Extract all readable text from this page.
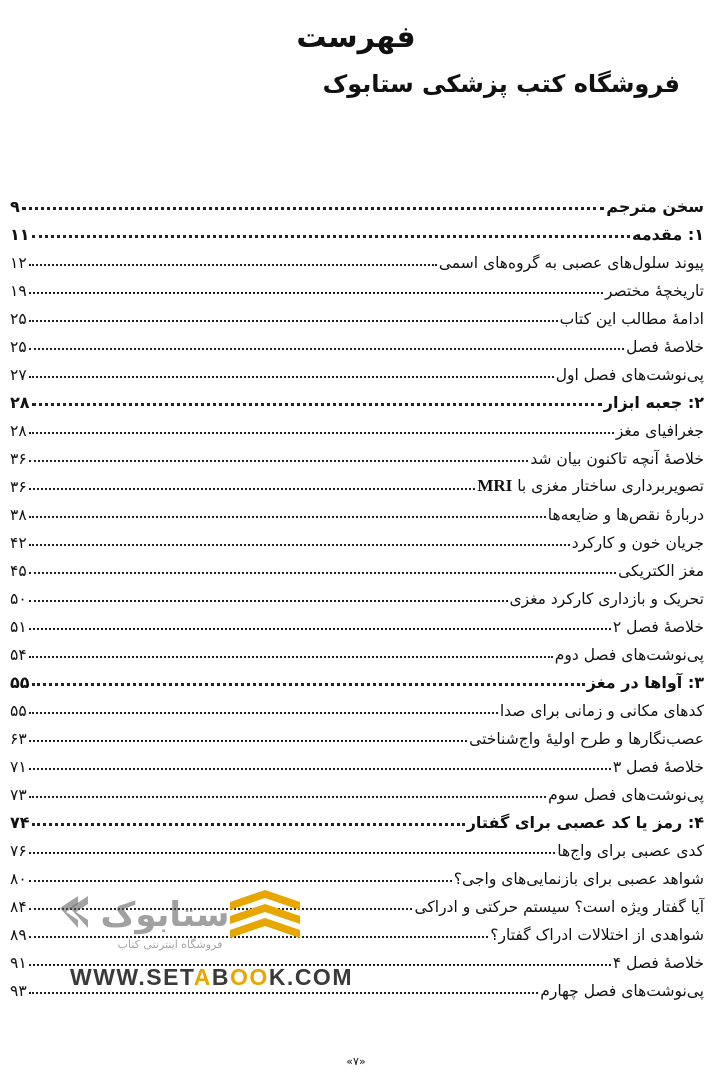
فهرست
فروشگاه کتب پزشکی ستابوک
سخن مترجم
۹
۱: مقدمه
۱۱
پیوند سلول‌های عصبی به گروه‌های اسمی
۱۲
تاریخچهٔ مختصر
۱۹
ادامهٔ مطالب این کتاب
۲۵
خلاصهٔ فصل
۲۵
پی‌نوشت‌های فصل اول
۲۷
۲: جعبه ابزار
۲۸
جغرافیای مغز
۲۸
خلاصهٔ آنچه تاکنون بیان شد
۳۶
تصویربرداری ساختار مغزی با MRI
۳۶
دربارهٔ نقص‌ها و ضایعه‌ها
۳۸
جریان خون و کارکرد
۴۲
مغز الکتریکی
۴۵
تحریک و بازداری کارکرد مغزی
۵۰
خلاصهٔ فصل ۲
۵۱
پی‌نوشت‌های فصل دوم
۵۴
۳: آواها در مغز
۵۵
کدهای مکانی و زمانی برای صدا
۵۵
عصب‌نگارها و طرح اولیهٔ واج‌شناختی
۶۳
خلاصهٔ فصل ۳
۷۱
پی‌نوشت‌های فصل سوم
۷۳
۴: رمز یا کد عصبی برای گفتار
۷۴
کدی عصبی برای واج‌ها
۷۶
شواهد عصبی برای بازنمایی‌های واجی؟
۸۰
آیا گفتار ویژه است؟ سیستم حرکتی و ادراکی
۸۴
شواهدی از اختلالات ادراک گفتار؟
۸۹
خلاصهٔ فصل ۴
۹۱
پی‌نوشت‌های فصل چهارم
۹۳
ستابوک
فروشگاه اینترنتی کتاب
WWW.SETABOOK.COM
«۷»
